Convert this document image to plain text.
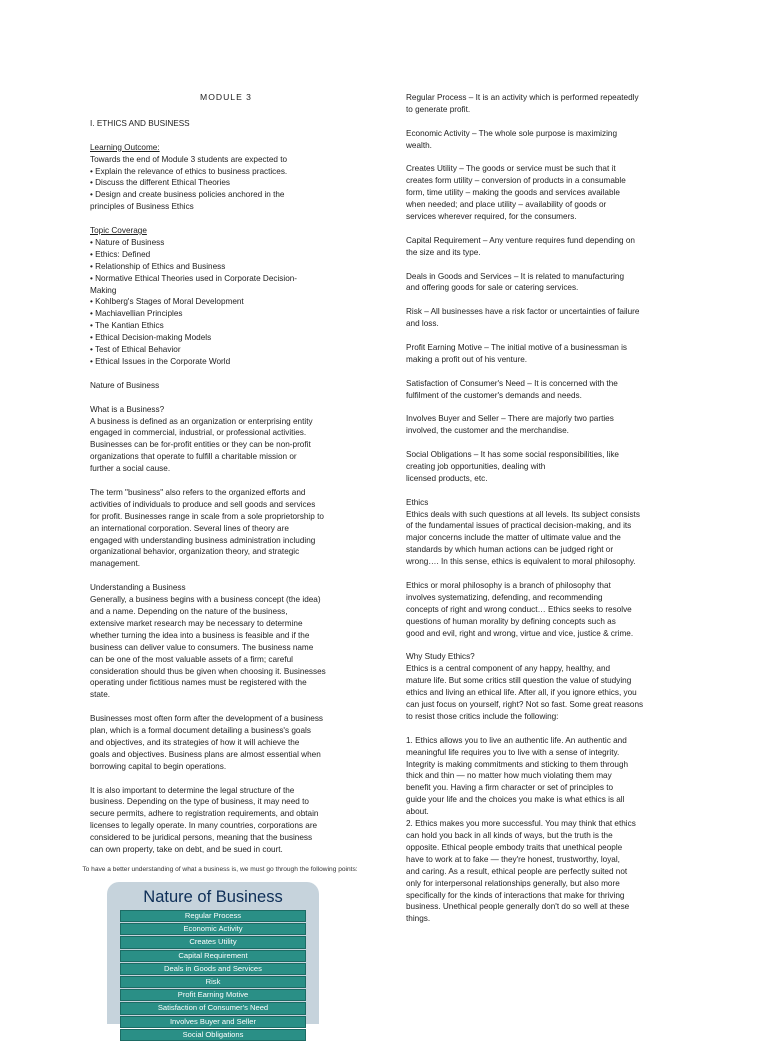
MODULE 3

I. ETHICS AND BUSINESS

Learning Outcome:
Towards the end of Module 3 students are expected to
• Explain the relevance of ethics to business practices.
• Discuss the different Ethical Theories
• Design and create business policies anchored in the
principles of Business Ethics

Topic Coverage
• Nature of Business
• Ethics: Defined
• Relationship of Ethics and Business
• Normative Ethical Theories used in Corporate Decision-
Making
• Kohlberg's Stages of Moral Development
• Machiavellian Principles
• The Kantian Ethics
• Ethical Decision-making Models
• Test of Ethical Behavior
• Ethical Issues in the Corporate World

Nature of Business

What is a Business?
A business is defined as an organization or enterprising entity
engaged in commercial, industrial, or professional activities.
Businesses can be for-profit entities or they can be non-profit
organizations that operate to fulfill a charitable mission or
further a social cause.

The term "business" also refers to the organized efforts and
activities of individuals to produce and sell goods and services
for profit. Businesses range in scale from a sole proprietorship to
an international corporation. Several lines of theory are
engaged with understanding business administration including
organizational behavior, organization theory, and strategic
management.

Understanding a Business
Generally, a business begins with a business concept (the idea)
and a name. Depending on the nature of the business,
extensive market research may be necessary to determine
whether turning the idea into a business is feasible and if the
business can deliver value to consumers. The business name
can be one of the most valuable assets of a firm; careful
consideration should thus be given when choosing it. Businesses
operating under fictitious names must be registered with the
state.

Businesses most often form after the development of a business
plan, which is a formal document detailing a business's goals
and objectives, and its strategies of how it will achieve the
goals and objectives. Business plans are almost essential when
borrowing capital to begin operations.

It is also important to determine the legal structure of the
business. Depending on the type of business, it may need to
secure permits, adhere to registration requirements, and obtain
licenses to legally operate. In many countries, corporations are
considered to be juridical persons, meaning that the business
can own property, take on debt, and be sued in court.

To have a better understanding of what a business is, we must go through the following points:
Nature of Business
Regular Process
Economic Activity
Creates Utility
Capital Requirement
Deals in Goods and Services
Risk
Profit Earning Motive
Satisfaction of Consumer's Need
Involves Buyer and Seller
Social Obligations

Regular Process – It is an activity which is performed repeatedly
to generate profit.

Economic Activity – The whole sole purpose is maximizing
wealth.

Creates Utility – The goods or service must be such that it
creates form utility – conversion of products in a consumable
form, time utility – making the goods and services available
when needed; and place utility – availability of goods or
services wherever required, for the consumers.

Capital Requirement – Any venture requires fund depending on
the size and its type.

Deals in Goods and Services – It is related to manufacturing
and offering goods for sale or catering services.

Risk – All businesses have a risk factor or uncertainties of failure
and loss.

Profit Earning Motive – The initial motive of a businessman is
making a profit out of his venture.

Satisfaction of Consumer's Need – It is concerned with the
fulfilment of the customer's demands and needs.

Involves Buyer and Seller – There are majorly two parties
involved, the customer and the merchandise.

Social Obligations – It has some social responsibilities, like
creating job opportunities, dealing with
licensed products, etc.

Ethics
Ethics deals with such questions at all levels. Its subject consists
of the fundamental issues of practical decision-making, and its
major concerns include the matter of ultimate value and the
standards by which human actions can be judged right or
wrong…. In this sense, ethics is equivalent to moral philosophy.

Ethics or moral philosophy is a branch of philosophy that
involves systematizing, defending, and recommending
concepts of right and wrong conduct… Ethics seeks to resolve
questions of human morality by defining concepts such as
good and evil, right and wrong, virtue and vice, justice & crime.

Why Study Ethics?
Ethics is a central component of any happy, healthy, and
mature life. But some critics still question the value of studying
ethics and living an ethical life. After all, if you ignore ethics, you
can just focus on yourself, right? Not so fast. Some great reasons
to resist those critics include the following:

1. Ethics allows you to live an authentic life. An authentic and
meaningful life requires you to live with a sense of integrity.
Integrity is making commitments and sticking to them through
thick and thin — no matter how much violating them may
benefit you. Having a firm character or set of principles to
guide your life and the choices you make is what ethics is all
about.
2. Ethics makes you more successful. You may think that ethics
can hold you back in all kinds of ways, but the truth is the
opposite. Ethical people embody traits that unethical people
have to work at to fake — they're honest, trustworthy, loyal,
and caring. As a result, ethical people are perfectly suited not
only for interpersonal relationships generally, but also more
specifically for the kinds of interactions that make for thriving
business. Unethical people generally don't do so well at these
things.
